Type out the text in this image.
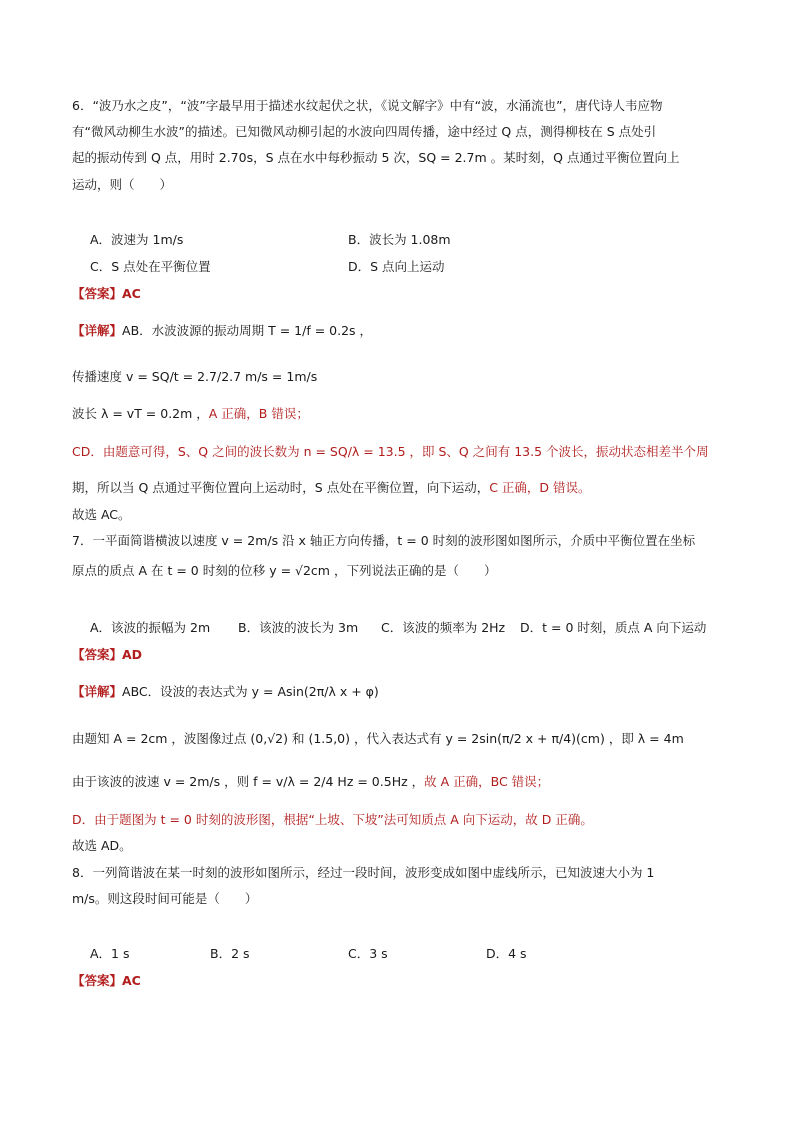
6．“波乃水之皮”，“波”字最早用于描述水纹起伏之状，《说文解字》中有“波，水涌流也”，唐代诗人韦应物
有“微风动柳生水波”的描述。已知微风动柳引起的水波向四周传播，途中经过 Q 点，测得柳枝在 S 点处引
起的振动传到 Q 点，用时 2.70s，S 点在水中每秒振动 5 次，SQ = 2.7m 。某时刻，Q 点通过平衡位置向上
运动，则（　　）
A．波速为 1m/s	B．波长为 1.08m
C．S 点处在平衡位置	D．S 点向上运动
【答案】AC
【详解】AB．水波波源的振动周期 T = 1/f = 0.2s ，
传播速度 v = SQ/t = 2.7/2.7 m/s = 1m/s
波长 λ = vT = 0.2m ，A 正确，B 错误；
CD．由题意可得，S、Q 之间的波长数为 n = SQ/λ = 13.5 ，即 S、Q 之间有 13.5 个波长，振动状态相差半个周
期，所以当 Q 点通过平衡位置向上运动时，S 点处在平衡位置，向下运动，C 正确，D 错误。
故选 AC。
7．一平面简谐横波以速度 v = 2m/s 沿 x 轴正方向传播，t = 0 时刻的波形图如图所示，介质中平衡位置在坐标
原点的质点 A 在 t = 0 时刻的位移 y = √2cm ，下列说法正确的是（　　）
A．该波的振幅为 2m B．该波的波长为 3m C．该波的频率为 2Hz D．t = 0 时刻，质点 A 向下运动
【答案】AD
【详解】ABC．设波的表达式为 y = Asin(2π/λ x + φ)
由题知 A = 2cm ，波图像过点 (0,√2) 和 (1.5,0) ，代入表达式有 y = 2sin(π/2 x + π/4)(cm) ，即 λ = 4m
由于该波的波速 v = 2m/s ，则 f = v/λ = 2/4 Hz = 0.5Hz ，故 A 正确，BC 错误；
D．由于题图为 t = 0 时刻的波形图，根据“上坡、下坡”法可知质点 A 向下运动，故 D 正确。
故选 AD。
8．一列简谐波在某一时刻的波形如图所示，经过一段时间，波形变成如图中虚线所示，已知波速大小为 1
m/s。则这段时间可能是（　　）
A．1 s	B．2 s	C．3 s	D．4 s
【答案】AC
